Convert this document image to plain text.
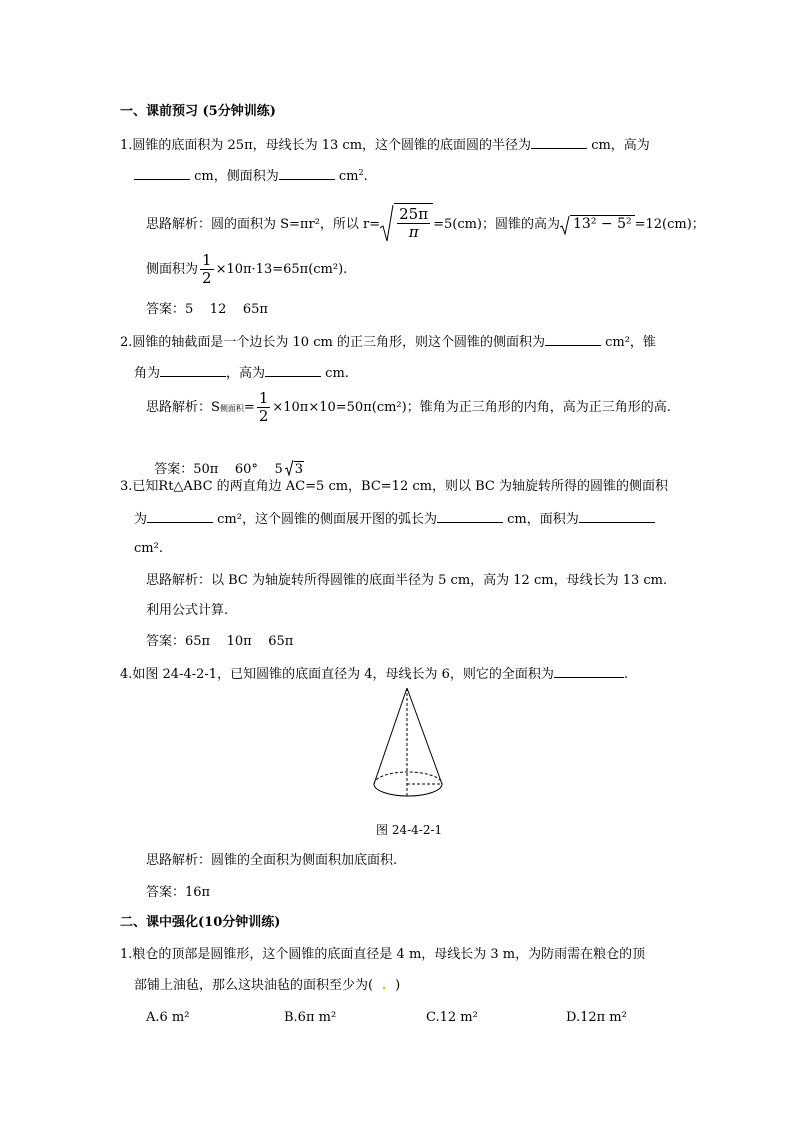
一、课前预习 (5分钟训练)
1.圆锥的底面积为 25π，母线长为 13 cm，这个圆锥的底面圆的半径为	cm，高为
cm，侧面积为	$cm^2$.
思路解析：圆的面积为 S=πr²，所以 $r= \frac{25\pi}{\pi} =5(cm)$；圆锥的高为 13² − 5² =12(cm)；
侧面积为 $\frac{1}{2} \times 10\pi\cdot 13=65\pi(cm^2)$.
答案：5    12    65π
2.圆锥的轴截面是一个边长为 10 cm 的正三角形，则这个圆锥的侧面积为	cm²，锥
角为	，高为	cm.
思路解析：S侧面积= $\frac{1}{2} \times 10\pi\times 10=50\pi(cm^2)$；锥角为正三角形的内角，高为正三角形的高.

答案：50π    60°    5 3

3.已知Rt△ABC 的两直角边 AC=5 cm，BC=12 cm，则以 BC 为轴旋转所得的圆锥的侧面积
为	cm²，这个圆锥的侧面展开图的弧长为	cm，面积为
cm².
思路解析：以 BC 为轴旋转所得圆锥的底面半径为 5 cm，高为 12 cm，母线长为 13 cm.
利用公式计算.
答案：65π    10π    65π
4.如图 24-4-2-1，已知圆锥的底面直径为 4，母线长为 6，则它的全面积为	.
图 24-4-2-1
思路解析：圆锥的全面积为侧面积加底面积.
答案：16π
二、课中强化(10分钟训练)
1.粮仓的顶部是圆锥形，这个圆锥的底面直径是 4 m，母线长为 3 m，为防雨需在粮仓的顶
部铺上油毡，那么这块油毡的面积至少为( . )
A.6 m²	B.6π m²	C.12 m²	D.12π m²
